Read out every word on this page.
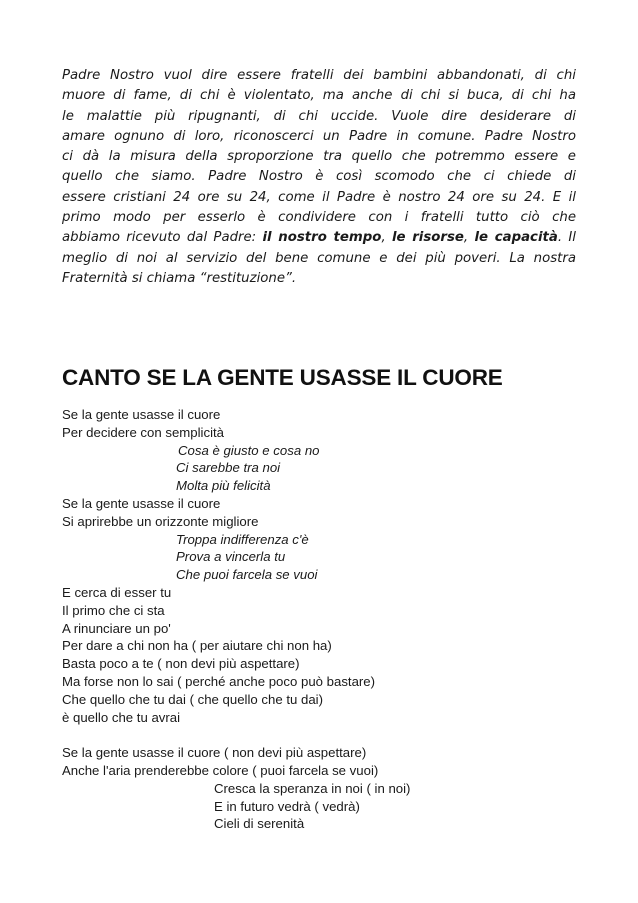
Padre Nostro vuol dire essere fratelli dei bambini abbandonati, di chi
muore di fame, di chi è violentato, ma anche di chi si buca, di chi ha
le malattie più ripugnanti, di chi uccide. Vuole dire desiderare di
amare ognuno di loro, riconoscerci un Padre in comune. Padre Nostro
ci dà la misura della sproporzione tra quello che potremmo essere e
quello che siamo. Padre Nostro è così scomodo che ci chiede di
essere cristiani 24 ore su 24, come il Padre è nostro 24 ore su 24. E il
primo modo per esserlo è condividere con i fratelli tutto ciò che
abbiamo ricevuto dal Padre: il nostro tempo, le risorse, le capacità. Il
meglio di noi al servizio del bene comune e dei più poveri. La nostra
Fraternità si chiama “restituzione”.
CANTO SE LA GENTE USASSE IL CUORE
Se la gente usasse il cuore
Per decidere con semplicità
Cosa è giusto e cosa no
Ci sarebbe tra noi
Molta più felicità
Se la gente usasse il cuore
Si aprirebbe un orizzonte migliore
Troppa indifferenza c'è
Prova a vincerla tu
Che puoi farcela se vuoi
E cerca di esser tu
Il primo che ci sta
A rinunciare un po'
Per dare a chi non ha ( per aiutare chi non ha)
Basta poco a te ( non devi più aspettare)
Ma forse non lo sai ( perché anche poco può bastare)
Che quello che tu dai ( che quello che tu dai)
è quello che tu avrai
Se la gente usasse il cuore ( non devi più aspettare)
Anche l'aria prenderebbe colore ( puoi farcela se vuoi)
Cresca la speranza in noi ( in noi)
E in futuro vedrà ( vedrà)
Cieli di serenità
